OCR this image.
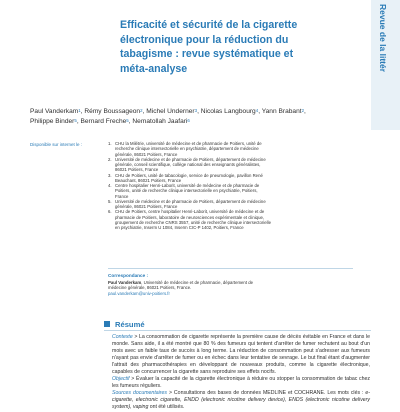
Revue de la littér
Efficacité et sécurité de la cigarette
électronique pour la réduction du
tabagisme : revue systématique et
méta-analyse
Paul Vanderkam$^1$, Rémy Boussageon$^2$, Michel Underner$^3$, Nicolas Langbourg$^4$, Yann Brabant$^2$,
Philippe Binder$^5$, Bernard Freche$^5$, Nematollah Jaafari$^6$
Disponible sur internet le :	1. CHU la Milétrie, université de médecine et de pharmacie de Poitiers, unité de
recherche clinique intersectorielle en psychiatrie, département de médecine
générale, 86021 Poitiers, France
2. Université de médecine et de pharmacie de Poitiers, département de médecine
générale, conseil scientifique, collège national des enseignants généralistes,
86021 Poitiers, France
3. CHU de Poitiers, unité de tabacologie, service de pneumologie, pavillon René
Beauchant, 86021 Poitiers, France
4. Centre hospitalier Henri-Laborit, université de médecine et de pharmacie de
Poitiers, unité de recherche clinique intersectorielle en psychiatrie, Poitiers,
France
5. Université de médecine et de pharmacie de Poitiers, département de médecine
générale, 86021 Poitiers, France
6. CHU de Poitiers, centre hospitalier Henri-Laborit, université de médecine et de
pharmacie de Poitiers, laboratoire de neurosciences expérimentale et clinique,
groupement de recherche CNRS 3557, unité de recherche clinique intersectorielle
en psychiatrie, Inserm U 1084, Inserm CIC-P 1402, Poitiers, France
Correspondance :
Paul Vanderkam, Université de médecine et de pharmacie, département de
médecine générale, 86021 Poitiers, France.
paul.vanderkam@univ-poitiers.fr
Résumé
Contexte > La consommation de cigarette représente la première cause de décès évitable en France et dans le monde. Sans aide, il a été montré que 80 % des fumeurs qui tentent d'arrêter de fumer rechutent au bout d'un mois avec un faible taux de succès à long terme. La réduction de consommation peut s'adresser aux fumeurs n'ayant pas envie d'arrêter de fumer ou en échec dans leur tentative de sevrage. Le but final étant d'augmenter l'attrait des pharmacothérapies en développant de nouveaux produits, comme la cigarette électronique, capables de concurrencer la cigarette sans reproduire ses effets nocifs.
Objectif > Évaluer la capacité de la cigarette électronique à réduire ou stopper la consommation de tabac chez les fumeurs réguliers.
Sources documentaires > Consultations des bases de données MEDLINE et COCHRANE. Les mots clés : e-cigarette, electronic cigarette, ENDD (electronic nicotine delivery device), ENDS (electronic nicotine delivery system), vaping ont été utilisés.
